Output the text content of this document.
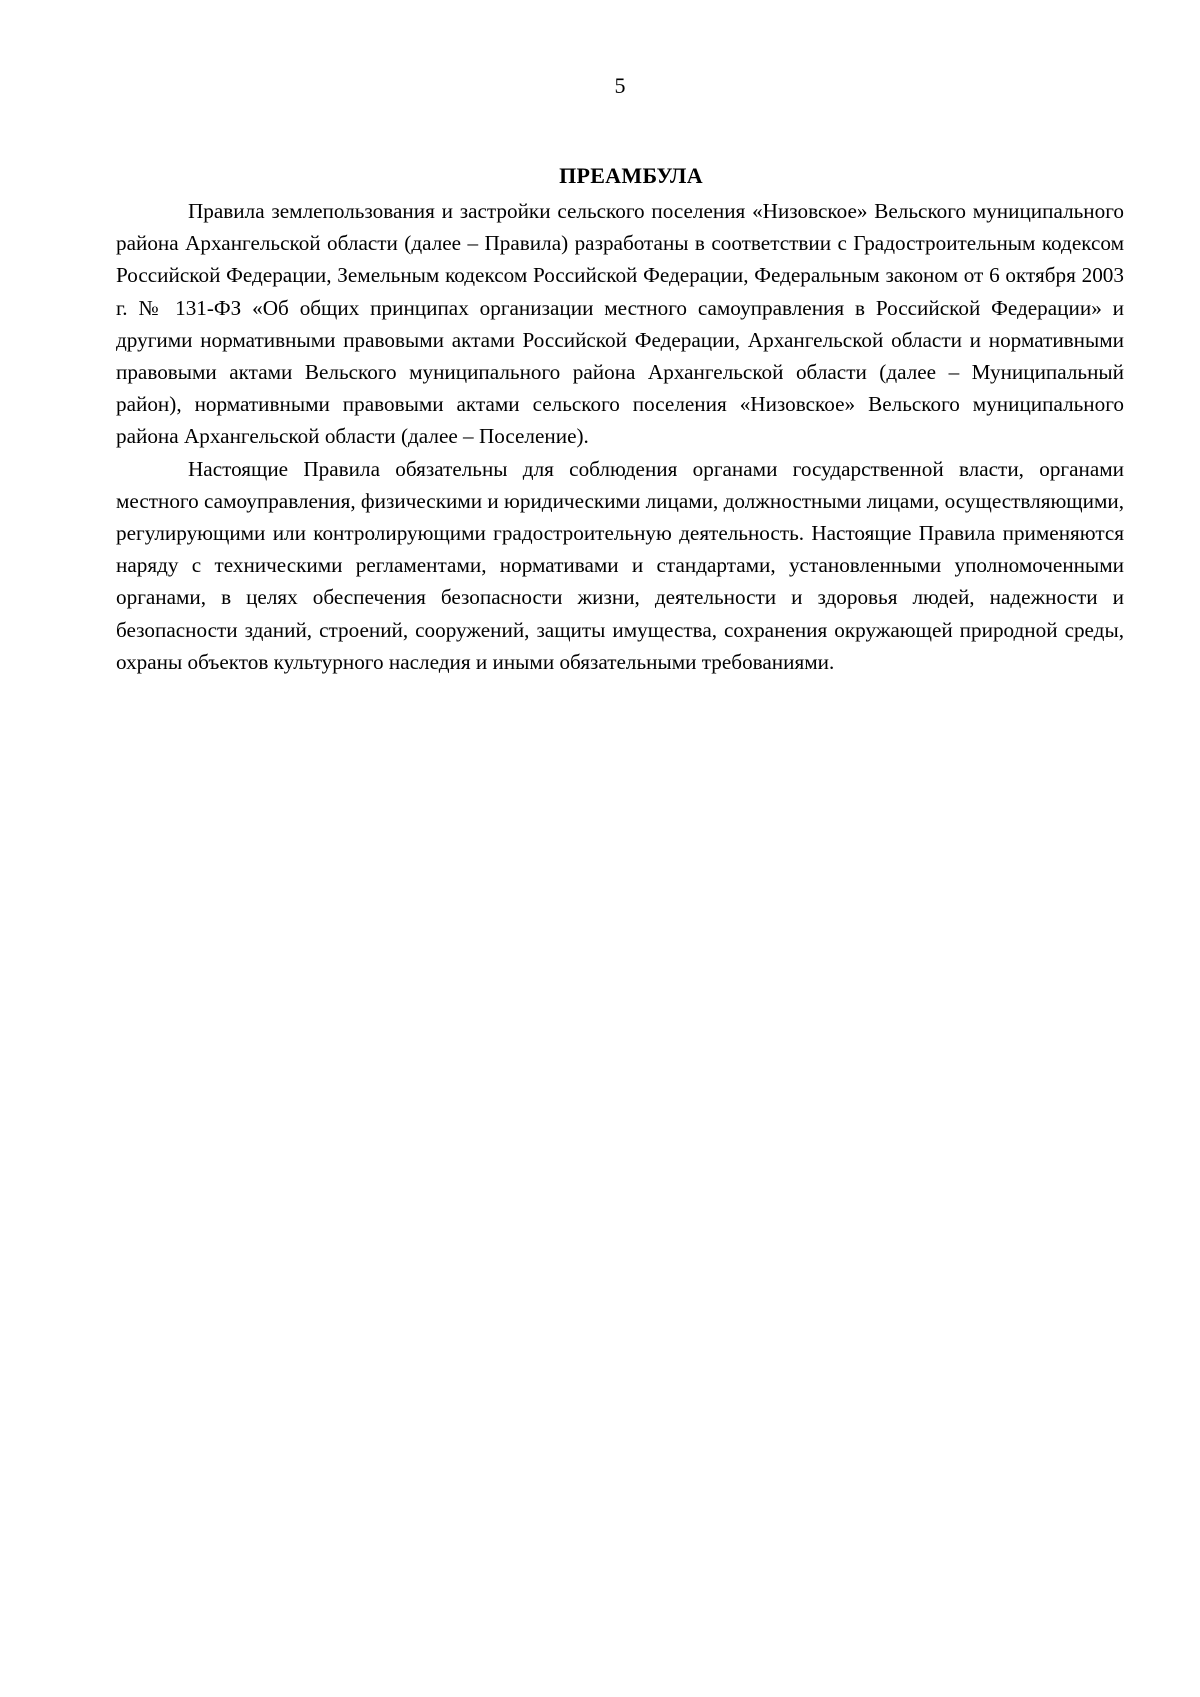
5
ПРЕАМБУЛА

Правила землепользования и застройки сельского поселения «Низовское» Вельского муниципального района Архангельской области (далее – Правила) разработаны в соответствии с Градостроительным кодексом Российской Федерации, Земельным кодексом Российской Федерации, Федеральным законом от 6 октября 2003 г. № 131-ФЗ «Об общих принципах организации местного самоуправления в Российской Федерации» и другими нормативными правовыми актами Российской Федерации, Архангельской области и нормативными правовыми актами Вельского муниципального района Архангельской области (далее – Муниципальный район), нормативными правовыми актами сельского поселения «Низовское» Вельского муниципального района Архангельской области (далее – Поселение).

Настоящие Правила обязательны для соблюдения органами государственной власти, органами местного самоуправления, физическими и юридическими лицами, должностными лицами, осуществляющими, регулирующими или контролирующими градостроительную деятельность. Настоящие Правила применяются наряду с техническими регламентами, нормативами и стандартами, установленными уполномоченными органами, в целях обеспечения безопасности жизни, деятельности и здоровья людей, надежности и безопасности зданий, строений, сооружений, защиты имущества, сохранения окружающей природной среды, охраны объектов культурного наследия и иными обязательными требованиями.
